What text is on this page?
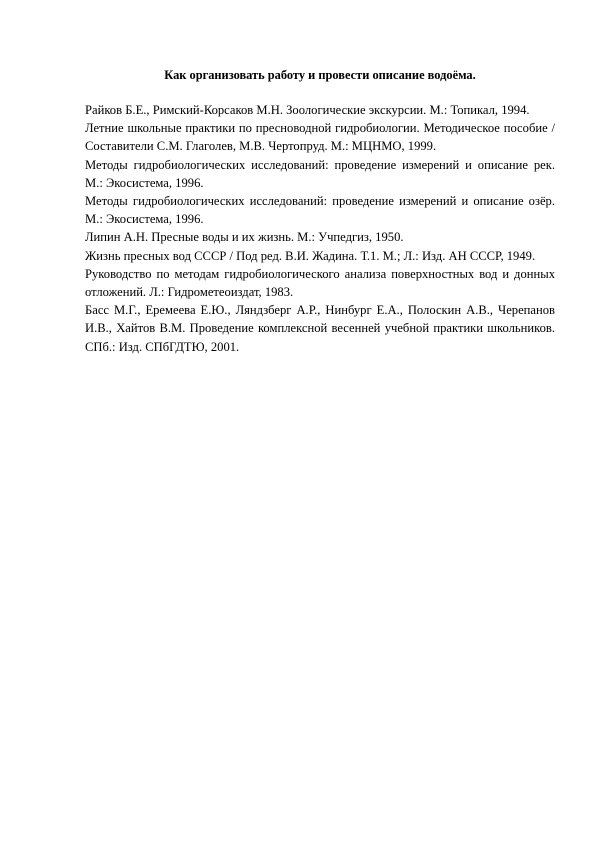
Как организовать работу и провести описание водоёма.
Райков Б.Е., Римский-Корсаков М.Н. Зоологические экскурсии. М.: Топикал, 1994.
Летние школьные практики по пресноводной гидробиологии. Методическое пособие /Составители С.М. Глаголев, М.В. Чертопруд. М.: МЦНМО, 1999.
Методы гидробиологических исследований: проведение измерений и описание рек. М.: Экосистема, 1996.
Методы гидробиологических исследований: проведение измерений и описание озёр. М.: Экосистема, 1996.
Липин А.Н. Пресные воды и их жизнь. М.: Учпедгиз, 1950.
Жизнь пресных вод СССР / Под ред. В.И. Жадина. Т.1. М.; Л.: Изд. АН СССР, 1949.
Руководство по методам гидробиологического анализа поверхностных вод и донных отложений. Л.: Гидрометеоиздат, 1983.
Басс М.Г., Еремеева Е.Ю., Ляндзберг А.Р., Нинбург Е.А., Полоскин А.В., Черепанов И.В., Хайтов В.М. Проведение комплексной весенней учебной практики школьников. СПб.: Изд. СПбГДТЮ, 2001.
